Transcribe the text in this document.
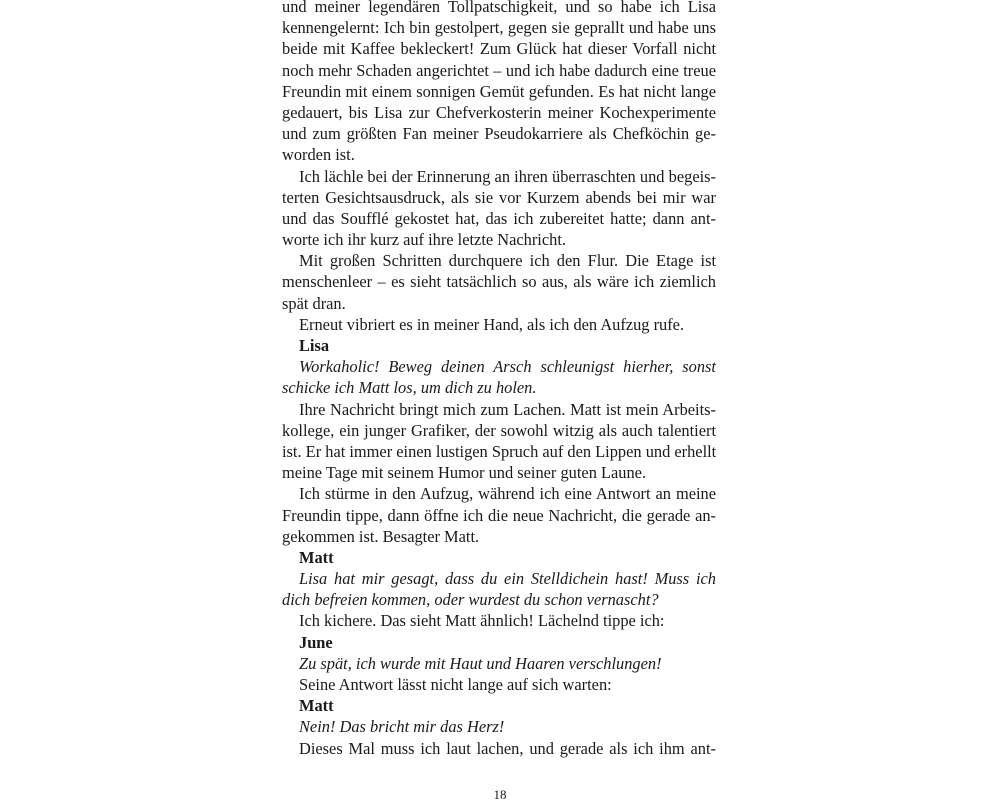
und meiner legendären Tollpatschigkeit, und so habe ich Lisa
kennengelernt: Ich bin gestolpert, gegen sie geprallt und habe uns
beide mit Kaffee bekleckert! Zum Glück hat dieser Vorfall nicht
noch mehr Schaden angerichtet – und ich habe dadurch eine treue
Freundin mit einem sonnigen Gemüt gefunden. Es hat nicht lange
gedauert, bis Lisa zur Chefverkosterin meiner Kochexperimente
und zum größten Fan meiner Pseudokarriere als Chefköchin ge-
worden ist.
Ich lächle bei der Erinnerung an ihren überraschten und begeis-
terten Gesichtsausdruck, als sie vor Kurzem abends bei mir war
und das Soufflé gekostet hat, das ich zubereitet hatte; dann ant-
worte ich ihr kurz auf ihre letzte Nachricht.
Mit großen Schritten durchquere ich den Flur. Die Etage ist
menschenleer – es sieht tatsächlich so aus, als wäre ich ziemlich
spät dran.
Erneut vibriert es in meiner Hand, als ich den Aufzug rufe.
Lisa
Workaholic! Beweg deinen Arsch schleunigst hierher, sonst
schicke ich Matt los, um dich zu holen.
Ihre Nachricht bringt mich zum Lachen. Matt ist mein Arbeits-
kollege, ein junger Grafiker, der sowohl witzig als auch talentiert
ist. Er hat immer einen lustigen Spruch auf den Lippen und erhellt
meine Tage mit seinem Humor und seiner guten Laune.
Ich stürme in den Aufzug, während ich eine Antwort an meine
Freundin tippe, dann öffne ich die neue Nachricht, die gerade an-
gekommen ist. Besagter Matt.
Matt
Lisa hat mir gesagt, dass du ein Stelldichein hast! Muss ich
dich befreien kommen, oder wurdest du schon vernascht?
Ich kichere. Das sieht Matt ähnlich! Lächelnd tippe ich:
June
Zu spät, ich wurde mit Haut und Haaren verschlungen!
Seine Antwort lässt nicht lange auf sich warten:
Matt
Nein! Das bricht mir das Herz!
Dieses Mal muss ich laut lachen, und gerade als ich ihm ant-
18
